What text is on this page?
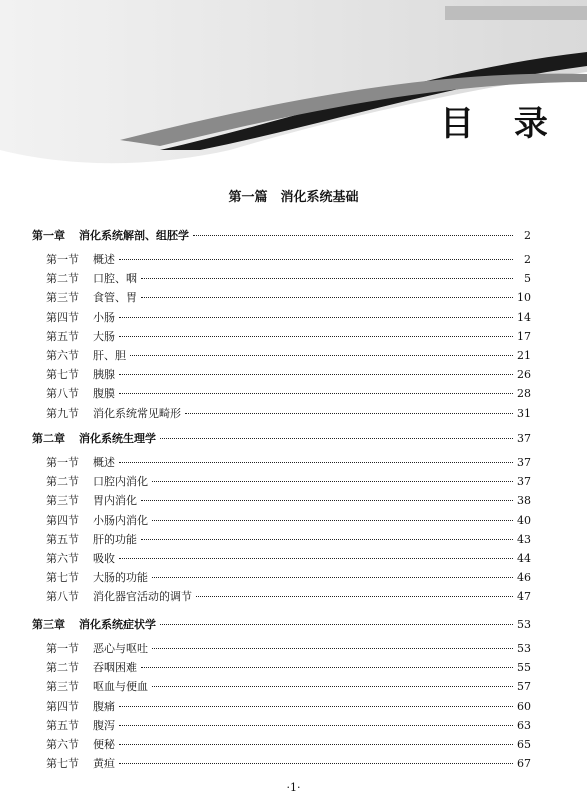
目 录
第一篇　消化系统基础
第一章 消化系统解剖、组胚学	2
第一节 概述	2
第二节 口腔、咽	5
第三节 食管、胃	10
第四节 小肠	14
第五节 大肠	17
第六节 肝、胆	21
第七节 胰腺	26
第八节 腹膜	28
第九节 消化系统常见畸形	31
第二章 消化系统生理学	37
第一节 概述	37
第二节 口腔内消化	37
第三节 胃内消化	38
第四节 小肠内消化	40
第五节 肝的功能	43
第六节 吸收	44
第七节 大肠的功能	46
第八节 消化器官活动的调节	47
第三章 消化系统症状学	53
第一节 恶心与呕吐	53
第二节 吞咽困难	55
第三节 呕血与便血	57
第四节 腹痛	60
第五节 腹泻	63
第六节 便秘	65
第七节 黄疸	67
·1·
